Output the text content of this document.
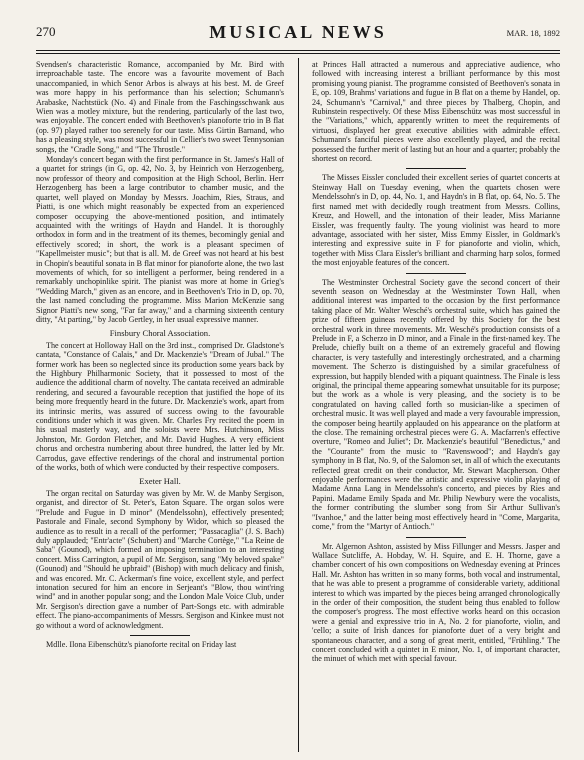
270	MUSICAL NEWS	MAR. 18, 1892

Svendsen's characteristic Romance, accompanied by Mr. Bird with irreproachable taste. The encore was a favourite movement of Bach unaccompanied, in which Senor Arbos is always at his best. M. de Greef was more happy in his performance than his selection; Schumann's Arabaske, Nachtstück (No. 4) and Finale from the Faschingsschwank aus Wien was a motley mixture, but the rendering, particularly of the last two, was enjoyable. The concert ended with Beethoven's pianoforte trio in B flat (op. 97) played rather too serenely for our taste. Miss Girtin Barnand, who has a pleasing style, was most successful in Cellier's two sweet Tennysonian songs, the "Cradle Song," and "The Throstle."

Monday's concert began with the first performance in St. James's Hall of a quartet for strings (in G, op. 42, No. 3, by Heinrich von Herzogenberg, now professor of theory and composition at the High School, Berlin. Herr Herzogenberg has been a large contributor to chamber music, and the quartet, well played on Monday by Messrs. Joachim, Ries, Straus, and Piatti, is one which might reasonably be expected from an experienced composer occupying the above-mentioned position, and intimately acquainted with the writings of Haydn and Handel. It is thoroughly orthodox in form and in the treatment of its themes, becomingly genial and effectively scored; in short, the work is a pleasant specimen of "Kapellmeister music"; but that is all. M. de Greef was not heard at his best in Chopin's beautiful sonata in B flat minor for pianoforte alone, the two last movements of which, for so intelligent a performer, being rendered in a remarkably unchopinlike spirit. The pianist was more at home in Grieg's "Wedding March," given as an encore, and in Beethoven's Trio in D, op. 70, the last named concluding the programme. Miss Marion McKenzie sang Signor Piatti's new song, "Far far away," and a charming sixteenth century ditty, "At parting," by Jacob Gertley, in her usual expressive manner.

Finsbury Choral Association.

The concert at Holloway Hall on the 3rd inst., comprised Dr. Gladstone's cantata, "Constance of Calais," and Dr. Mackenzie's "Dream of Jubal." The former work has been so neglected since its production some years back by the Highbury Philharmonic Society, that it possessed to most of the audience the additional charm of novelty. The cantata received an admirable rendering, and secured a favourable reception that justified the hope of its being more frequently heard in the future. Dr. Mackenzie's work, apart from its intrinsic merits, was assured of success owing to the favourable conditions under which it was given. Mr. Charles Fry recited the poem in his usual masterly way, and the soloists were Mrs. Hutchinson, Miss Johnston, Mr. Gordon Fletcher, and Mr. David Hughes. A very efficient chorus and orchestra numbering about three hundred, the latter led by Mr. Carrodus, gave effective renderings of the choral and instrumental portion of the works, both of which were conducted by their respective composers.

Exeter Hall.

The organ recital on Saturday was given by Mr. W. de Manby Sergison, organist, and director of St. Peter's, Eaton Square. The organ solos were "Prelude and Fugue in D minor" (Mendelssohn), effectively presented; Pastorale and Finale, second Symphony by Widor, which so pleased the audience as to result in a recall of the performer; "Passacaglia" (J. S. Bach) duly applauded; "Entr'acte" (Schubert) and "Marche Cortège," "La Reine de Saba" (Gounod), which formed an imposing termination to an interesting concert. Miss Carrington, a pupil of Mr. Sergison, sang "My beloved spake" (Gounod) and "Should he upbraid" (Bishop) with much delicacy and finish, and was encored. Mr. C. Ackerman's fine voice, excellent style, and perfect intonation secured for him an encore in Serjeant's "Blow, thou wint'ring wind" and in another popular song; and the London Male Voice Club, under Mr. Sergison's direction gave a number of Part-Songs etc. with admirable effect. The piano-accompaniments of Messrs. Sergison and Kinkee must not go without a word of acknowledgment.

Mdlle. Ilona Eibenschütz's pianoforte recital on Friday last

at Princes Hall attracted a numerous and appreciative audience, who followed with increasing interest a brilliant performance by this most promising young pianist. The programme consisted of Beethoven's sonata in E, op. 109, Brahms' variations and fugue in B flat on a theme by Handel, op. 24, Schumann's "Carnival," and three pieces by Thalberg, Chopin, and Rubinstein respectively. Of these Miss Eibenschütz was most successful in the "Variations," which, apparently written to meet the requirements of virtuosi, displayed her great executive abilities with admirable effect. Schumann's fanciful pieces were also excellently played, and the recital possessed the further merit of lasting but an hour and a quarter; probably the shortest on record.

The Misses Eissler concluded their excellent series of quartet concerts at Steinway Hall on Tuesday evening, when the quartets chosen were Mendelssohn's in D, op. 44, No. 1, and Haydn's in B flat, op. 64, No. 5. The first named met with decidedly rough treatment from Messrs. Collins, Kreuz, and Howell, and the intonation of their leader, Miss Marianne Eissler, was frequently faulty. The young violinist was heard to more advantage, associated with her sister, Miss Emmy Eissler, in Goldmark's interesting and expressive suite in F for pianoforte and violin, which, together with Miss Clara Eissler's brilliant and charming harp solos, formed the most enjoyable features of the concert.

The Westminster Orchestral Society gave the second concert of their seventh season on Wednesday at the Westminster Town Hall, when additional interest was imparted to the occasion by the first performance taking place of Mr. Walter Wesché's orchestral suite, which has gained the prize of fifteen guineas recently offered by this Society for the best orchestral work in three movements. Mr. Wesché's production consists of a Prelude in F, a Scherzo in D minor, and a Finale in the first-named key. The Prelude, chiefly built on a theme of an extremely graceful and flowing character, is very tastefully and interestingly orchestrated, and a charming movement. The Scherzo is distinguished by a similar gracefulness of expression, but happily blended with a piquant quaintness. The Finale is less original, the principal theme appearing somewhat unsuitable for its purpose; but the work as a whole is very pleasing, and the society is to be congratulated on having called forth so musician-like a specimen of orchestral music. It was well played and made a very favourable impression, the composer being heartily applauded on his appearance on the platform at the close. The remaining orchestral pieces were G. A. Macfarren's effective overture, "Romeo and Juliet"; Dr. Mackenzie's beautiful "Benedictus," and the "Courante" from the music to "Ravenswood"; and Haydn's gay symphony in B flat, No. 9, of the Salomon set, in all of which the executants reflected great credit on their conductor, Mr. Stewart Macpherson. Other enjoyable performances were the artistic and expressive violin playing of Madame Anna Lang in Mendelssohn's concerto, and pieces by Ries and Papini. Madame Emily Spada and Mr. Philip Newbury were the vocalists, the former contributing the slumber song from Sir Arthur Sullivan's "Ivanhoe," and the latter being most effectively heard in "Come, Margarita, come," from the "Martyr of Antioch."

Mr. Algernon Ashton, assisted by Miss Fillunger and Messrs. Jasper and Wallace Sutcliffe, A. Hobday, W. H. Squire, and E. H. Thorne, gave a chamber concert of his own compositions on Wednesday evening at Princes Hall. Mr. Ashton has written in so many forms, both vocal and instrumental, that he was able to present a programme of considerable variety, additional interest to which was imparted by the pieces being arranged chronologically in the order of their composition, the student being thus enabled to follow the composer's progress. The most effective works heard on this occasion were a genial and expressive trio in A, No. 2 for pianoforte, violin, and 'cello; a suite of Irish dances for pianoforte duet of a very bright and spontaneous character, and a song of great merit, entitled, "Frühling." The concert concluded with a quintet in E minor, No. 1, of important character, the minuet of which met with special favour.
